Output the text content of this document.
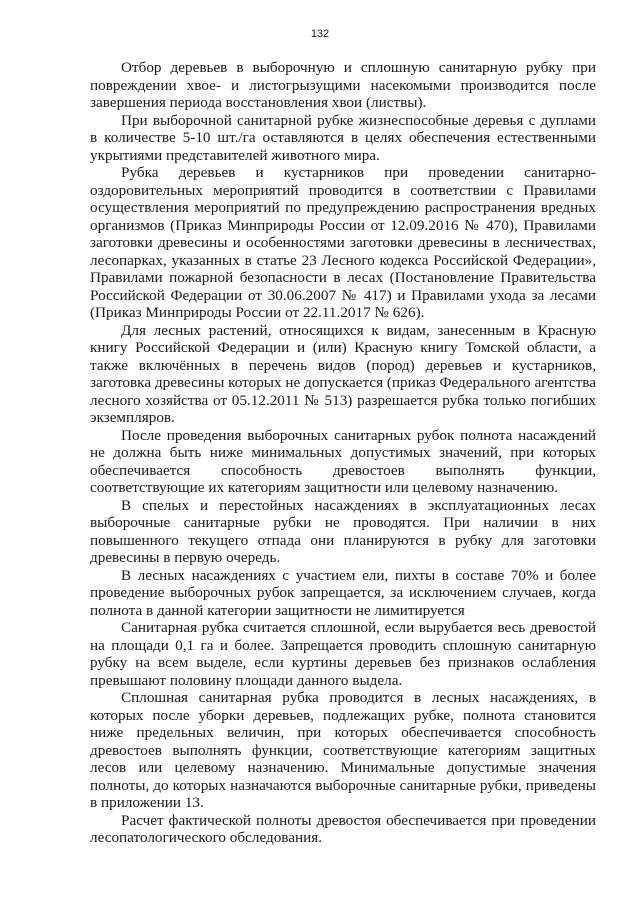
132

Отбор деревьев в выборочную и сплошную санитарную рубку при повреждении хвое- и листогрызущими насекомыми производится после завершения периода восстановления хвои (листвы).

При выборочной санитарной рубке жизнеспособные деревья с дуплами в количестве 5-10 шт./га оставляются в целях обеспечения естественными укрытиями представителей животного мира.

Рубка деревьев и кустарников при проведении санитарно-оздоровительных мероприятий проводится в соответствии с Правилами осуществления мероприятий по предупреждению распространения вредных организмов (Приказ Минприроды России от 12.09.2016 № 470), Правилами заготовки древесины и особенностями заготовки древесины в лесничествах, лесопарках, указанных в статье 23 Лесного кодекса Российской Федерации», Правилами пожарной безопасности в лесах (Постановление Правительства Российской Федерации от 30.06.2007 № 417) и Правилами ухода за лесами (Приказ Минприроды России от 22.11.2017 № 626).

Для лесных растений, относящихся к видам, занесенным в Красную книгу Российской Федерации и (или) Красную книгу Томской области, а также включённых в перечень видов (пород) деревьев и кустарников, заготовка древесины которых не допускается (приказ Федерального агентства лесного хозяйства от 05.12.2011 № 513) разрешается рубка только погибших экземпляров.

После проведения выборочных санитарных рубок полнота насаждений не должна быть ниже минимальных допустимых значений, при которых обеспечивается способность древостоев выполнять функции, соответствующие их категориям защитности или целевому назначению.

В спелых и перестойных насаждениях в эксплуатационных лесах выборочные санитарные рубки не проводятся. При наличии в них повышенного текущего отпада они планируются в рубку для заготовки древесины в первую очередь.

В лесных насаждениях с участием ели, пихты в составе 70% и более проведение выборочных рубок запрещается, за исключением случаев, когда полнота в данной категории защитности не лимитируется

Санитарная рубка считается сплошной, если вырубается весь древостой на площади 0,1 га и более. Запрещается проводить сплошную санитарную рубку на всем выделе, если куртины деревьев без признаков ослабления превышают половину площади данного выдела.

Сплошная санитарная рубка проводится в лесных насаждениях, в которых после уборки деревьев, подлежащих рубке, полнота становится ниже предельных величин, при которых обеспечивается способность древостоев выполнять функции, соответствующие категориям защитных лесов или целевому назначению. Минимальные допустимые значения полноты, до которых назначаются выборочные санитарные рубки, приведены в приложении 13.

Расчет фактической полноты древостоя обеспечивается при проведении лесопатологического обследования.
